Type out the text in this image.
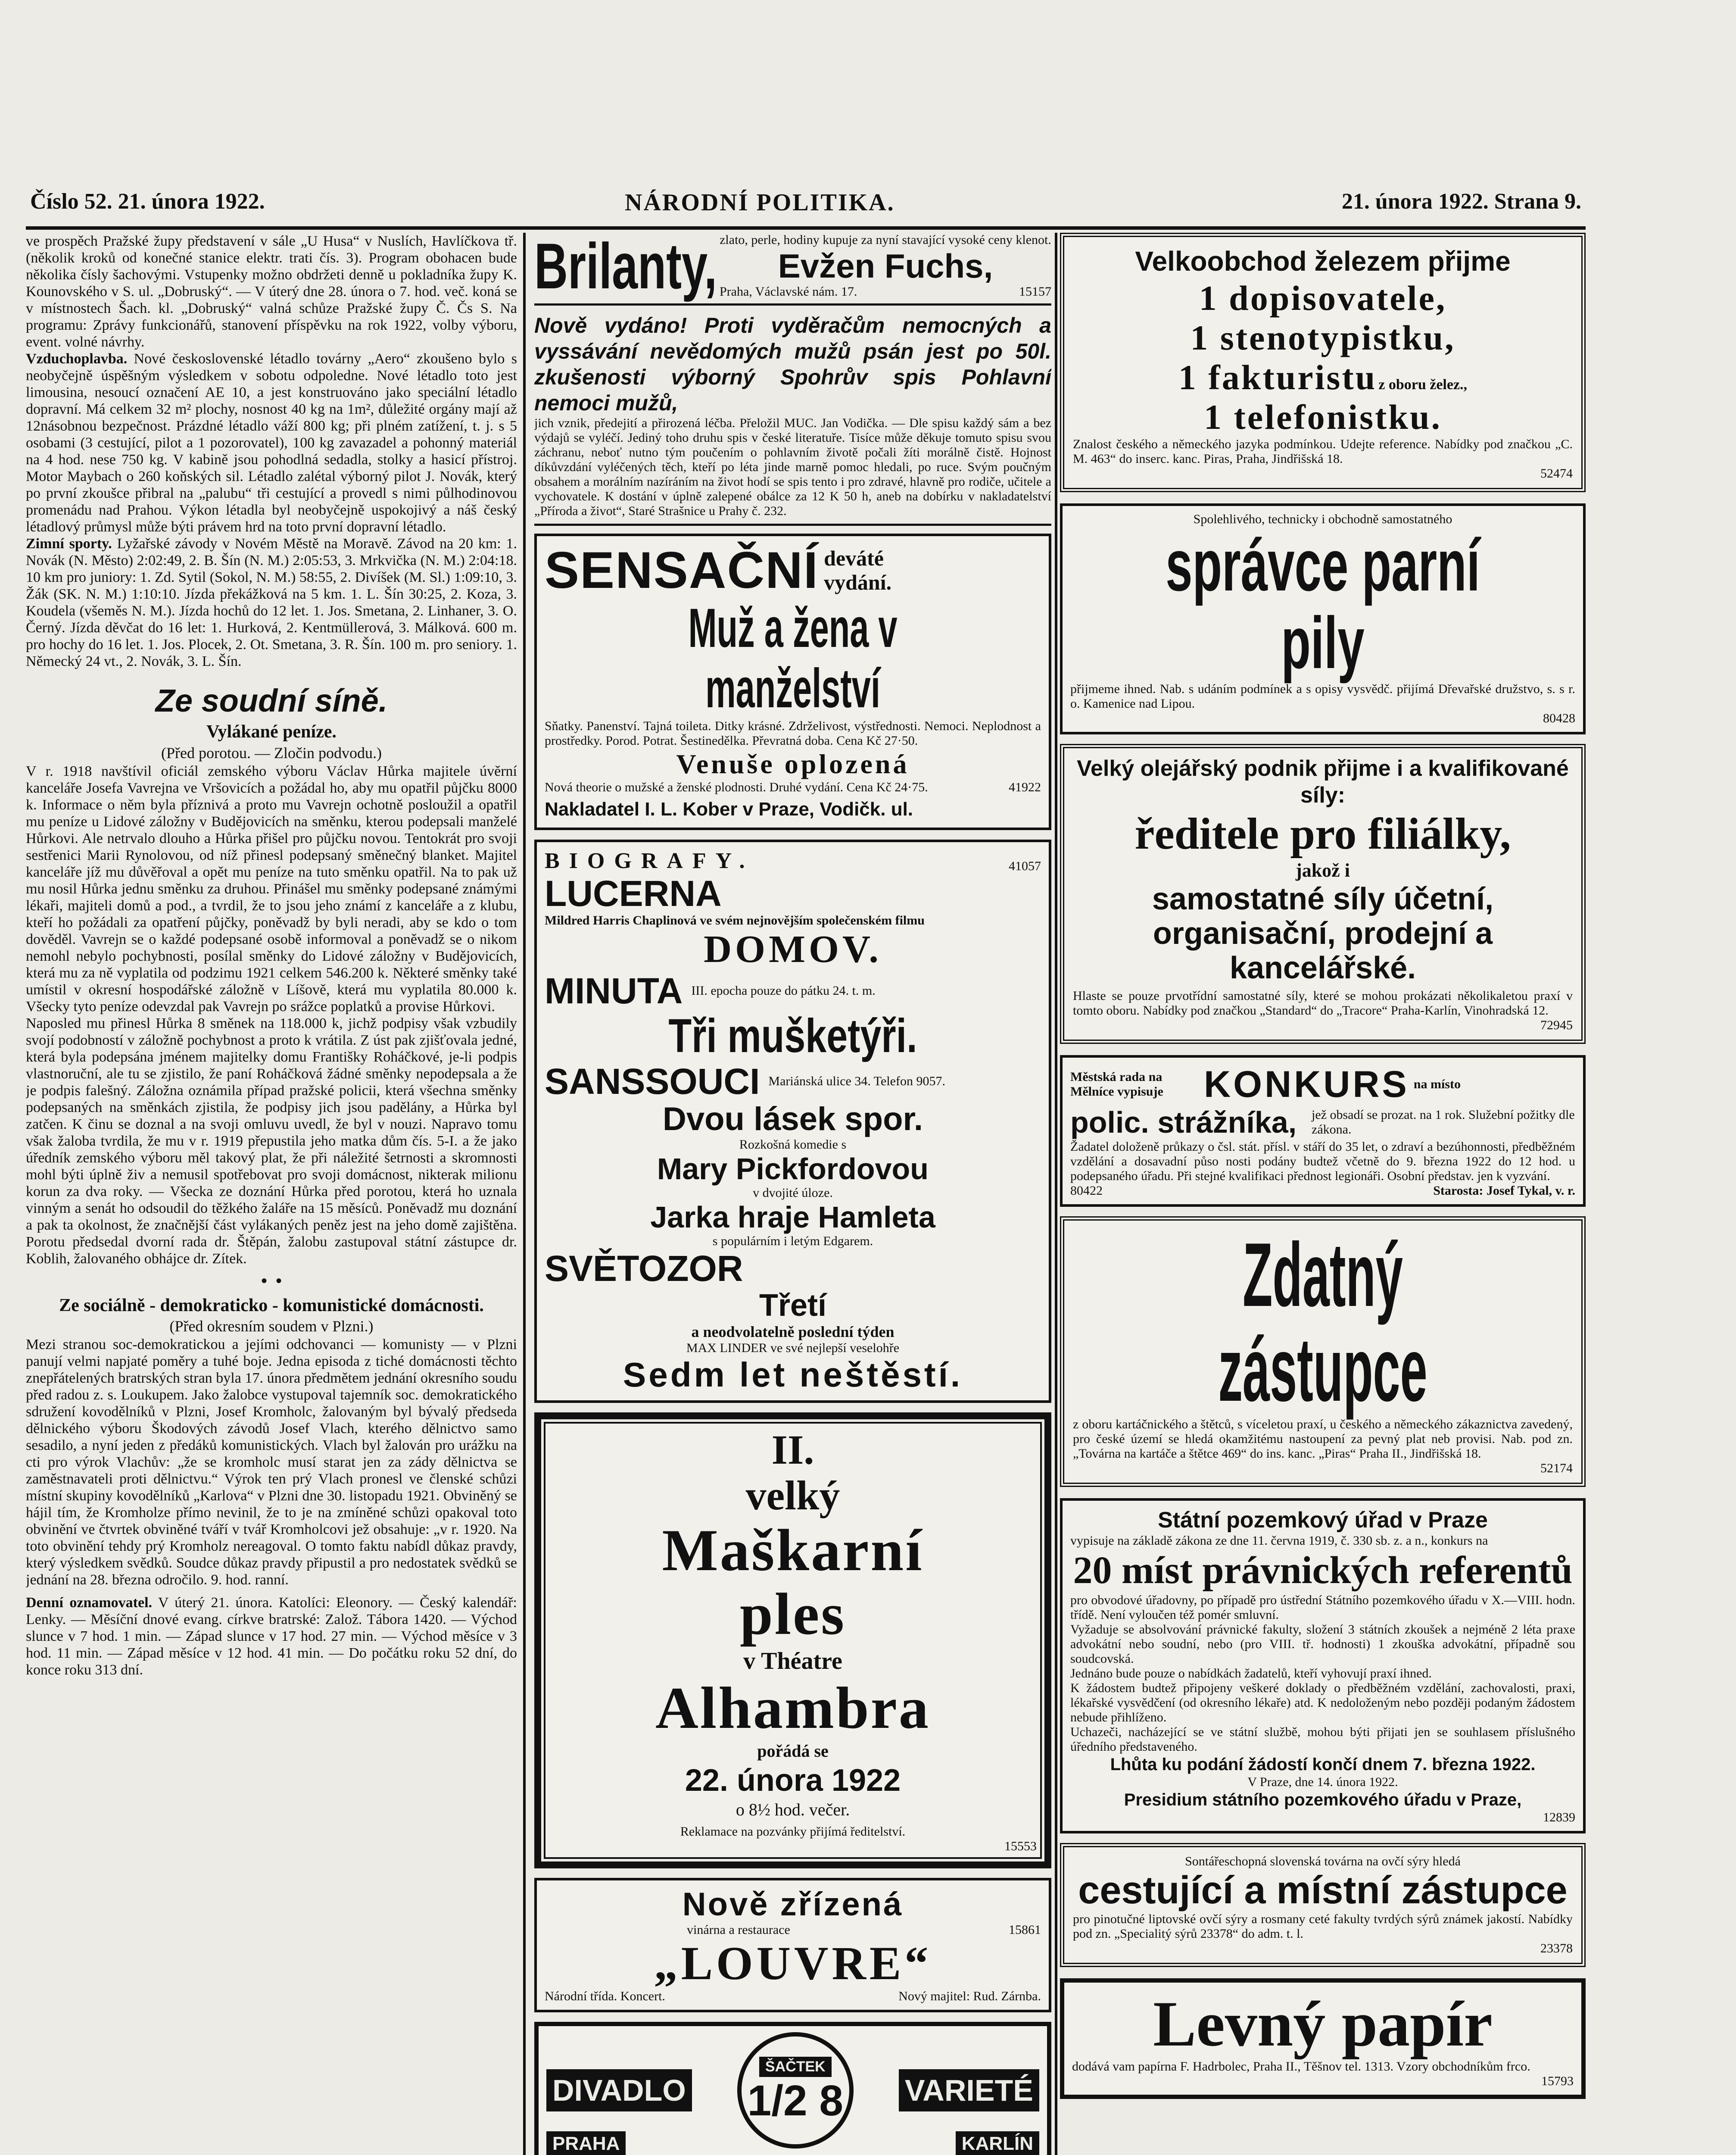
Číslo 52. 21. února 1922.	NÁRODNÍ POLITIKA.	21. února 1922. Strana 9.

ve prospěch Pražské župy představení v sále „U Husa“ v Nuslích, Havlíčkova tř. (několik kroků od konečné stanice elektr. trati čís. 3). Program obohacen bude několika čísly šachovými. Vstupenky možno obdržeti denně u pokladníka župy K. Kounovského v S. ul. „Dobruský“. — V úterý dne 28. února o 7. hod. več. koná se v místnostech Šach. kl. „Dobruský“ valná schůze Pražské župy Č. Čs S. Na programu: Zprávy funkcionářů, stanovení příspěvku na rok 1922, volby výboru, event. volné návrhy.

Vzduchoplavba. Nové československé létadlo továrny „Aero“ zkoušeno bylo s neobyčejně úspěšným výsledkem v sobotu odpoledne. Nové létadlo toto jest limousina, nesoucí označení AE 10, a jest konstruováno jako speciální létadlo dopravní. Má celkem 32 m² plochy, nosnost 40 kg na 1m², důležité orgány mají až 12násobnou bezpečnost. Prázdné létadlo váží 800 kg; při plném zatížení, t. j. s 5 osobami (3 cestující, pilot a 1 pozorovatel), 100 kg zavazadel a pohonný materiál na 4 hod. nese 750 kg. V kabině jsou pohodlná sedadla, stolky a hasicí přístroj. Motor Maybach o 260 koňských sil. Létadlo zalétal výborný pilot J. Novák, který po první zkoušce přibral na „palubu“ tři cestující a provedl s nimi půlhodinovou promenádu nad Prahou. Výkon létadla byl neobyčejně uspokojivý a náš český létadlový průmysl může býti právem hrd na toto první dopravní létadlo.

Zimní sporty. Lyžařské závody v Novém Městě na Moravě. Závod na 20 km: 1. Novák (N. Město) 2:02:49, 2. B. Šín (N. M.) 2:05:53, 3. Mrkvička (N. M.) 2:04:18. 10 km pro juniory: 1. Zd. Sytil (Sokol, N. M.) 58:55, 2. Divíšek (M. Sl.) 1:09:10, 3. Žák (SK. N. M.) 1:10:10. Jízda překážková na 5 km. 1. L. Šín 30:25, 2. Koza, 3. Koudela (všeměs N. M.). Jízda hochů do 12 let. 1. Jos. Smetana, 2. Linhaner, 3. O. Černý. Jízda děvčat do 16 let: 1. Hurková, 2. Kentmüllerová, 3. Málková. 600 m. pro hochy do 16 let. 1. Jos. Plocek, 2. Ot. Smetana, 3. R. Šín. 100 m. pro seniory. 1. Německý 24 vt., 2. Novák, 3. L. Šín.

Ze soudní síně.
Vylákané peníze.
(Před porotou. — Zločin podvodu.)

V r. 1918 navštívil oficiál zemského výboru Václav Hůrka majitele úvěrní kanceláře Josefa Vavrejna ve Vršovicích a požádal ho, aby mu opatřil půjčku 8000 k. Informace o něm byla příznivá a proto mu Vavrejn ochotně posloužil a opatřil mu peníze u Lidové záložny v Budějovicích na směnku, kterou podepsali manželé Hůrkovi. Ale netrvalo dlouho a Hůrka přišel pro půjčku novou. Tentokrát pro svoji sestřenici Marii Rynolovou, od níž přinesl podepsaný směnečný blanket. Majitel kanceláře jíž mu důvěřoval a opět mu peníze na tuto směnku opatřil. Na to pak už mu nosil Hůrka jednu směnku za druhou. Přinášel mu směnky podepsané známými lékaři, majiteli domů a pod., a tvrdil, že to jsou jeho známí z kanceláře a z klubu, kteří ho požádali za opatření půjčky, poněvadž by byli neradi, aby se kdo o tom dověděl. Vavrejn se o každé podepsané osobě informoval a poněvadž se o nikom nemohl nebylo pochybnosti, posílal směnky do Lidové záložny v Budějovicích, která mu za ně vyplatila od podzimu 1921 celkem 546.200 k. Některé směnky také umístil v okresní hospodářské záložně v Líšově, která mu vyplatila 80.000 k. Všecky tyto peníze odevzdal pak Vavrejn po srážce poplatků a provise Hůrkovi.

Naposled mu přinesl Hůrka 8 směnek na 118.000 k, jichž podpisy však vzbudily svojí podobností v záložně pochybnost a proto k vrátila. Z úst pak zjišťovala jedné, která byla podepsána jménem majitelky domu Františky Roháčkové, je-li podpis vlastnoruční, ale tu se zjistilo, že paní Roháčková žádné směnky nepodepsala a že je podpis falešný. Záložna oznámila případ pražské policii, která všechna směnky podepsaných na směnkách zjistila, že podpisy jich jsou padělány, a Hůrka byl zatčen. K činu se doznal a na svoji omluvu uvedl, že byl v nouzi. Napravo tomu však žaloba tvrdila, že mu v r. 1919 přepustila jeho matka dům čís. 5-I. a že jako úředník zemského výboru měl takový plat, že při náležité šetrnosti a skromnosti mohl býti úplně živ a nemusil spotřebovat pro svoji domácnost, nikterak milionu korun za dva roky. — Všecka ze doznání Hůrka před porotou, která ho uznala vinným a senát ho odsoudil do těžkého žaláře na 15 měsíců. Poněvadž mu doznání a pak ta okolnost, že značnější část vylákaných peněz jest na jeho domě zajištěna. Porotu předsedal dvorní rada dr. Štěpán, žalobu zastupoval státní zástupce dr. Koblih, žalovaného obhájce dr. Zítek.

•  •
Ze sociálně - demokraticko - komunistické domácnosti.
(Před okresním soudem v Plzni.)

Mezi stranou soc-demokratickou a jejími odchovanci — komunisty — v Plzni panují velmi napjaté poměry a tuhé boje. Jedna episoda z tiché domácnosti těchto znepřátelených bratrských stran byla 17. února předmětem jednání okresního soudu před radou z. s. Loukupem. Jako žalobce vystupoval tajemník soc. demokratického sdružení kovodělníků v Plzni, Josef Kromholc, žalovaným byl bývalý předseda dělnického výboru Škodových závodů Josef Vlach, kterého dělnictvo samo sesadilo, a nyní jeden z předáků komunistických. Vlach byl žalován pro urážku na cti pro výrok Vlachův: „že se kromholc musí starat jen za zády dělnictva se zaměstnavateli proti dělnictvu.“ Výrok ten prý Vlach pronesl ve členské schůzi místní skupiny kovodělníků „Karlova“ v Plzni dne 30. listopadu 1921. Obviněný se hájil tím, že Kromholze přímo nevinil, že to je na zmíněné schůzi opakoval toto obvinění ve čtvrtek obviněné tváří v tvář Kromholcovi jež obsahuje: „v r. 1920. Na toto obvinění tehdy prý Kromholz nereagoval. O tomto faktu nabídl důkaz pravdy, který výsledkem svědků. Soudce důkaz pravdy připustil a pro nedostatek svědků se jednání na 28. března odročilo. 9. hod. ranní.

Denní oznamovatel. V úterý 21. února. Katolíci: Eleonory. — Český kalendář: Lenky. — Měsíční dnové evang. církve bratrské: Založ. Tábora 1420. — Východ slunce v 7 hod. 1 min. — Západ slunce v 17 hod. 27 min. — Východ měsíce v 3 hod. 11 min. — Západ měsíce v 12 hod. 41 min. — Do počátku roku 52 dní, do konce roku 313 dní.

Brilanty, zlato, perle, hodiny kupuje za nyní stavající vysoké ceny klenot.
Evžen Fuchs,
Praha, Václavské nám. 17.	15157
Nově vydáno! Proti vyděračům nemocných a vyssávání nevědomých mužů psán jest po 50l. zkušenosti výborný Spohrův spis Pohlavní nemoci mužů,
jich vznik, předejití a přirozená léčba. Přeložil MUC. Jan Vodička. — Dle spisu každý sám a bez výdajů se vyléčí. Jediný toho druhu spis v české literatuře. Tisíce může děkuje tomuto spisu svou záchranu, neboť nutno tým poučením o pohlavním životě počali žíti morálně čistě. Hojnost díkůvzdání vyléčených těch, kteří po léta jinde marně pomoc hledali, po ruce. Svým poučným obsahem a morálním nazíráním na život hodí se spis tento i pro zdravé, hlavně pro rodiče, učitele a vychovatele. K dostání v úplně zalepené obálce za 12 K 50 h, aneb na dobírku v nakladatelství „Příroda a život“, Staré Strašnice u Prahy č. 232.
SENSAČNÍ deváté vydání.
Muž a žena v manželství
Sňatky. Panenství. Tajná toileta. Ditky krásné. Zdrželivost, výstřednosti. Nemoci. Neplodnost a prostředky. Porod. Potrat. Šestinedělka. Převratná doba. Cena Kč 27·50.
Venuše oplozená
Nová theorie o mužské a ženské plodnosti. Druhé vydání. Cena Kč 24·75.	41922
Nakladatel I. L. Kober v Praze, Vodičk. ul.
BIOGRAFY.	41057
LUCERNA
Mildred Harris Chaplinová ve svém nejnovějším společenském filmu
DOMOV.
MINUTA III. epocha pouze do pátku 24. t. m.
Tři mušketýři.
SANSSOUCI Mariánská ulice 34. Telefon 9057.
Dvou lásek spor.
Rozkošná komedie s
Mary Pickfordovou
v dvojité úloze.
Jarka hraje Hamleta
s populárním i letým Edgarem.
SVĚTOZOR
Třetí
a neodvolatelně poslední týden
MAX LINDER ve své nejlepší veselohře
Sedm let neštěstí.
II.
velký
Maškarní
ples
v Théatre
Alhambra
pořádá se
22. února 1922
o 8½ hod. večer.
Reklamace na pozvánky přijímá ředitelství.
15553
Nově zřízená
vinárna a restaurace	15861
„LOUVRE“
Národní třída. Koncert.	Nový majitel: Rud. Zárnba.
DIVADLO
ŠAČTEK
1/2 8 VARIETÉ
PRAHA	KARLÍN
Velkoobchod železem přijme
1 dopisovatele,
1 stenotypistku,
1 fakturistu z oboru želez.,
1 telefonistku.
Znalost českého a německého jazyka podmínkou. Udejte reference. Nabídky pod značkou „C. M. 463“ do inserc. kanc. Piras, Praha, Jindřišská 18.
52474
Spolehlivého, technicky i obchodně samostatného
správce parní pily
přijmeme ihned. Nab. s udáním podmínek a s opisy vysvědč. přijímá Dřevařské družstvo, s. s r. o. Kamenice nad Lipou.
80428
Velký olejářský podnik přijme i a kvalifikované síly:
ředitele pro filiálky,
jakož i
samostatné síly účetní, organisační, prodejní a kancelářské.
Hlaste se pouze prvotřídní samostatné síly, které se mohou prokázati několikaletou praxí v tomto oboru. Nabídky pod značkou „Standard“ do „Tracore“ Praha-Karlín, Vinohradská 12.
72945
Městská rada na Mělníce vypisuje	KONKURS na místo
polic. strážníka,	jež obsadí se prozat. na 1 rok. Služební požitky dle zákona.
Žadatel doloženě průkazy o čsl. stát. přísl. v stáří do 35 let, o zdraví a bezúhonnosti, předběžném vzdělání a dosavadní půso nosti podány budtež včetně do 9. března 1922 do 12 hod. u podepsaného úřadu. Při stejné kvalifikaci přednost legionáři. Osobní představ. jen k vyzvání.
80422	Starosta: Josef Tykal, v. r.
Zdatný zástupce
z oboru kartáčnického a štětců, s víceletou praxí, u českého a německého zákaznictva zavedený, pro české území se hledá okamžitému nastoupení za pevný plat neb provisi. Nab. pod zn. „Továrna na kartáče a štětce 469“ do ins. kanc. „Piras“ Praha II., Jindřišská 18.
52174
Státní pozemkový úřad v Praze
vypisuje na základě zákona ze dne 11. června 1919, č. 330 sb. z. a n., konkurs na
20 míst právnických referentů
pro obvodové úřadovny, po případě pro ústřední Státního pozemkového úřadu v X.—VIII. hodn. třídě. Není vyloučen též pomér smluvní.
Vyžaduje se absolvování právnické fakulty, složení 3 státních zkoušek a nejméně 2 léta praxe advokátní nebo soudní, nebo (pro VIII. tř. hodnosti) 1 zkouška advokátní, případně sou soudcovská.
Jednáno bude pouze o nabídkách žadatelů, kteří vyhovují praxí ihned.
K žádostem budtež připojeny veškeré doklady o předběžném vzdělání, zachovalosti, praxi, lékařské vysvědčení (od okresního lékaře) atd. K nedoloženým nebo později podaným žádostem nebude přihlíženo.
Uchazeči, nacházející se ve státní službě, mohou býti přijati jen se souhlasem příslušného úředního představeného.
Lhůta ku podání žádostí končí dnem 7. března 1922.
V Praze, dne 14. února 1922.
Presidium státního pozemkového úřadu v Praze,
12839
Sontářeschopná slovenská továrna na ovčí sýry hledá
cestující a místní zástupce
pro pinotučné liptovské ovčí sýry a rosmany ceté fakulty tvrdých sýrů známek jakostí. Nabídky pod zn. „Specialitý sýrů 23378“ do adm. t. l.
23378
Levný papír
dodává vam papírna F. Hadrbolec, Praha II., Těšnov tel. 1313. Vzory obchodníkům frco.
15793
